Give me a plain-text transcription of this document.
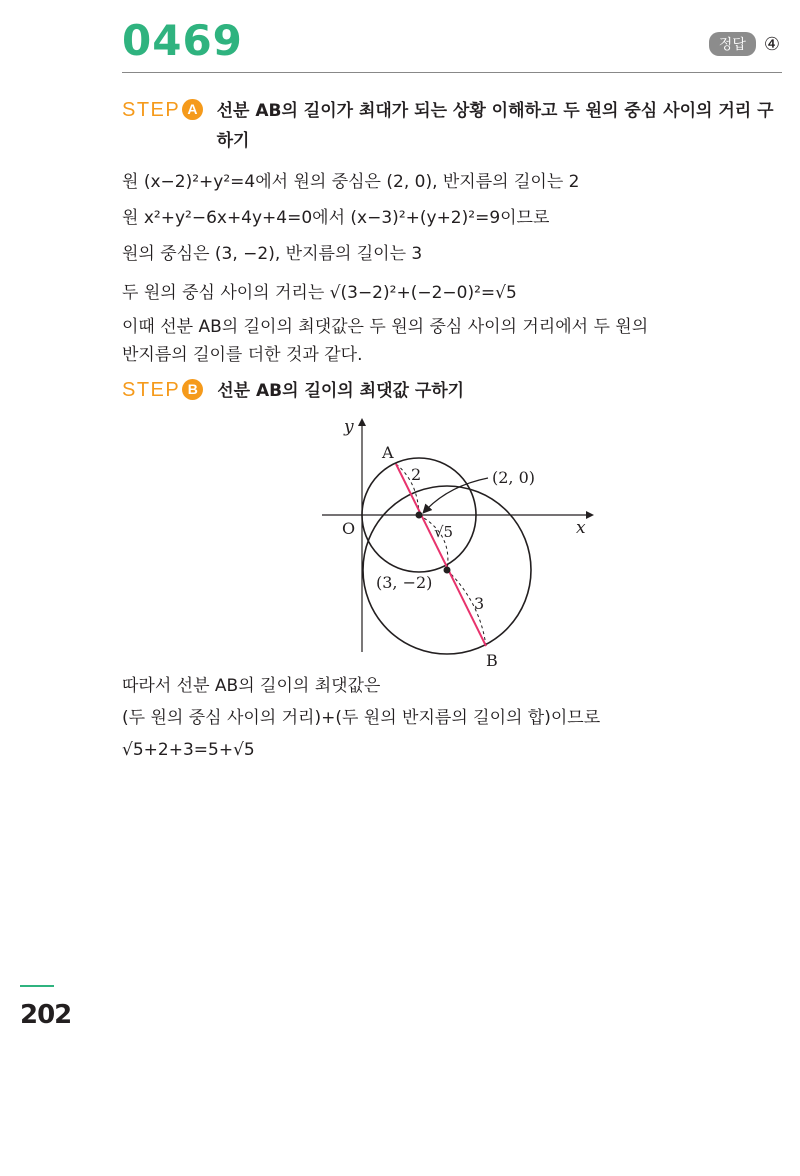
0469	정답	④
STEP A 선분 AB의 길이가 최대가 되는 상황 이해하고 두 원의 중심 사이의 거리 구하기
원 (x−2)²+y²=4에서 원의 중심은 (2, 0), 반지름의 길이는 2
원 x²+y²−6x+4y+4=0에서 (x−3)²+(y+2)²=9이므로
원의 중심은 (3, −2), 반지름의 길이는 3
두 원의 중심 사이의 거리는 √(3−2)²+(−2−0)²=√5
이때 선분 AB의 길이의 최댓값은 두 원의 중심 사이의 거리에서 두 원의
반지름의 길이를 더한 것과 같다.
STEP B	선분 AB의 길이의 최댓값 구하기
y
x
O
A
B
2
3
(2, 0)
(3, −2)
√5
따라서 선분 AB의 길이의 최댓값은
(두 원의 중심 사이의 거리)+(두 원의 반지름의 길이의 합)이므로
√5+2+3=5+√5
202
